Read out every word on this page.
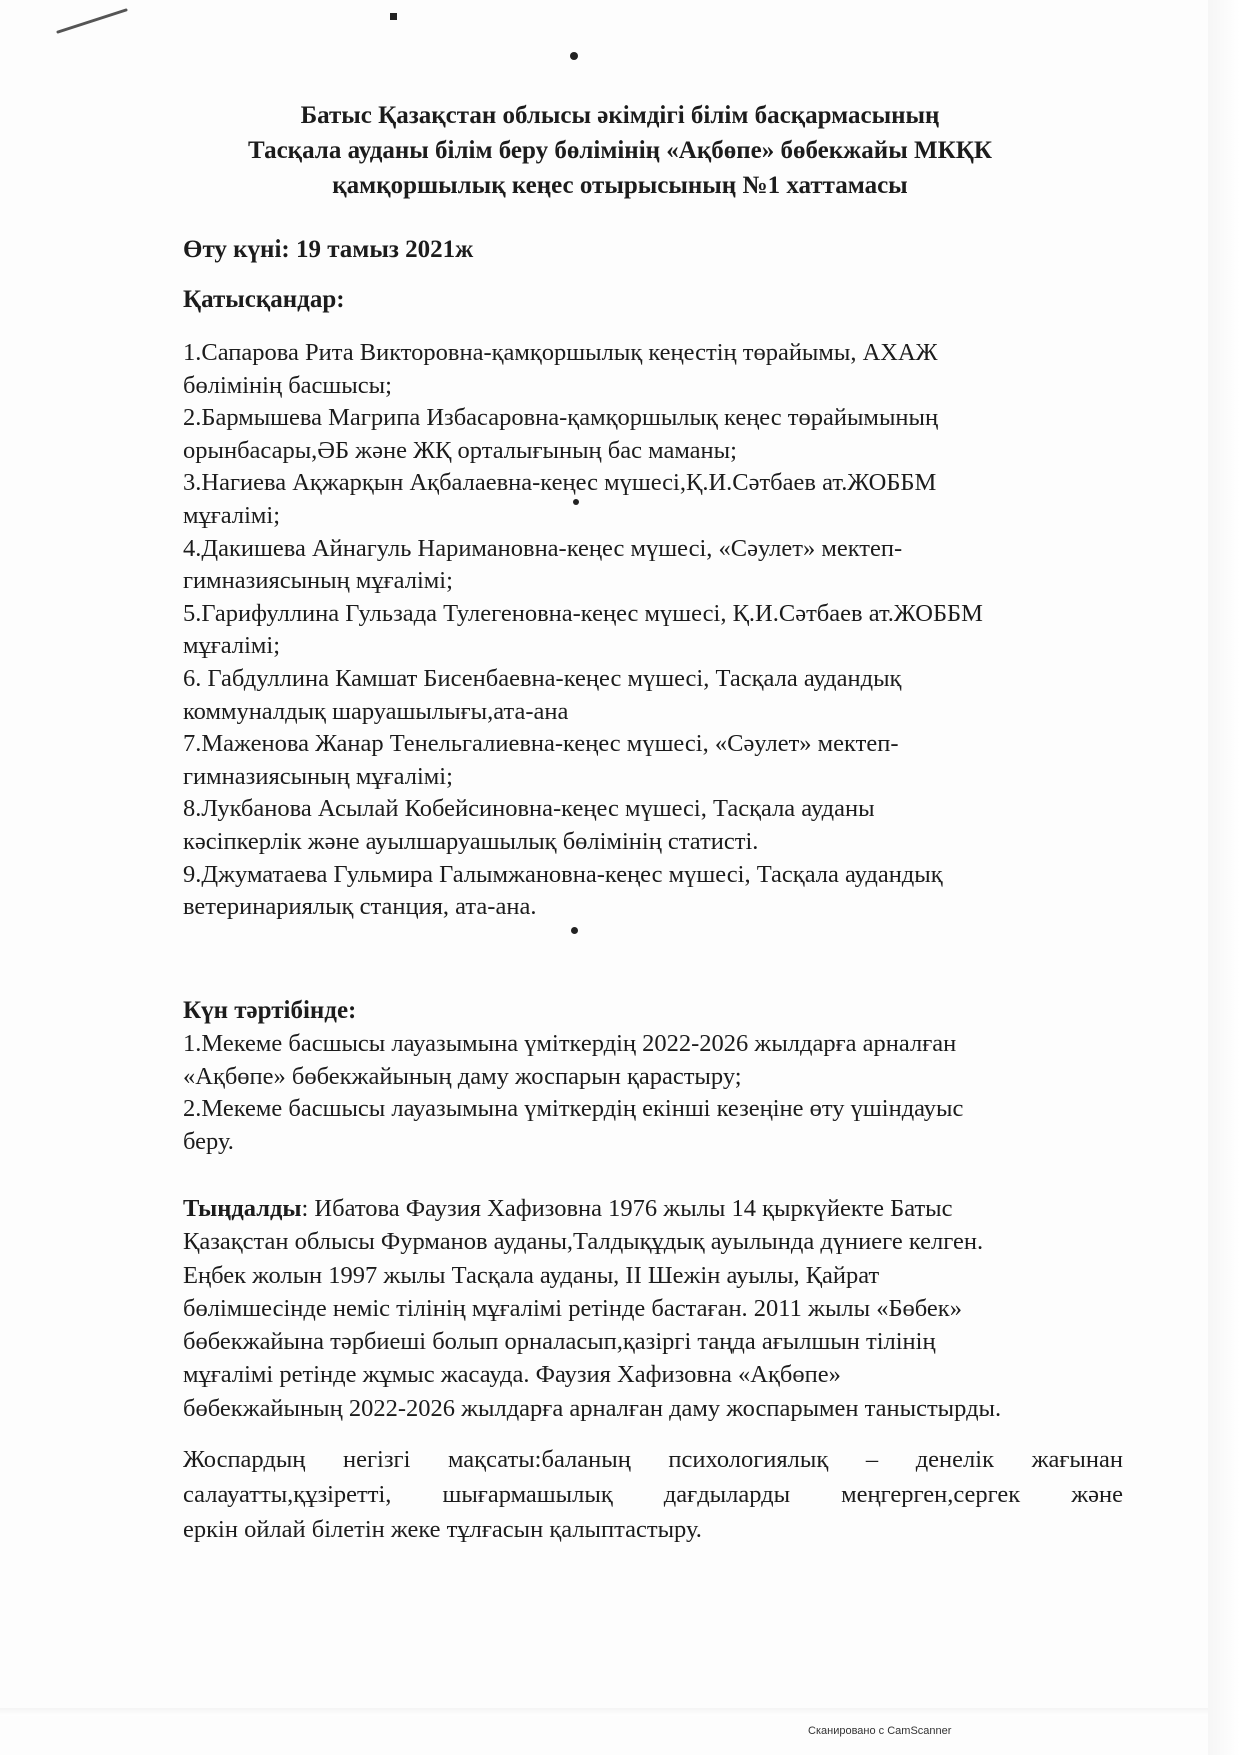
Батыс Қазақстан облысы әкімдігі білім басқармасының
Тасқала ауданы білім беру бөлімінің «Ақбөпе» бөбекжайы МКҚК
қамқоршылық кеңес отырысының №1 хаттамасы
Өту күні: 19 тамыз 2021ж
Қатысқандар:
1.Сапарова Рита Викторовна-қамқоршылық кеңестің төрайымы, АХАЖ
бөлімінің басшысы;
2.Бармышева Магрипа Избасаровна-қамқоршылық кеңес төрайымының
орынбасары,ӘБ және ЖҚ орталығының бас маманы;
3.Нагиева Ақжарқын Ақбалаевна-кеңес мүшесі,Қ.И.Сәтбаев ат.ЖОББМ
мұғалімі;
4.Дакишева Айнагуль Наримановна-кеңес мүшесі, «Сәулет» мектеп-
гимназиясының мұғалімі;
5.Гарифуллина Гульзада Тулегеновна-кеңес мүшесі, Қ.И.Сәтбаев ат.ЖОББМ
мұғалімі;
6. Габдуллина Камшат Бисенбаевна-кеңес мүшесі, Тасқала аудандық
коммуналдық шаруашылығы,ата-ана
7.Маженова Жанар Тенельгалиевна-кеңес мүшесі, «Сәулет» мектеп-
гимназиясының мұғалімі;
8.Лукбанова Асылай Кобейсиновна-кеңес мүшесі, Тасқала ауданы
кәсіпкерлік және ауылшаруашылық бөлімінің статисті.
9.Джуматаева Гульмира Галымжановна-кеңес мүшесі, Тасқала аудандық
ветеринариялық станция, ата-ана.
Күн тәртібінде:
1.Мекеме басшысы лауазымына үміткердің 2022-2026 жылдарға арналған
«Ақбөпе» бөбекжайының даму жоспарын қарастыру;
2.Мекеме басшысы лауазымына үміткердің екінші кезеңіне өту үшіндауыс
беру.
Тыңдалды: Ибатова Фаузия Хафизовна 1976 жылы 14 қыркүйекте Батыс
Қазақстан облысы Фурманов ауданы,Талдықұдық ауылында дүниеге келген.
Еңбек жолын 1997 жылы Тасқала ауданы, ІІ Шежін ауылы, Қайрат
бөлімшесінде неміс тілінің мұғалімі ретінде бастаған. 2011 жылы «Бөбек»
бөбекжайына тәрбиеші болып орналасып,қазіргі таңда ағылшын тілінің
мұғалімі ретінде жұмыс жасауда. Фаузия Хафизовна «Ақбөпе»
бөбекжайының 2022-2026 жылдарға арналған даму жоспарымен таныстырды.
Жоспардың негізгі мақсаты:баланың психологиялық – денелік жағынан
салауатты,құзіретті, шығармашылық дағдыларды меңгерген,сергек және
еркін ойлай білетін жеке тұлғасын қалыптастыру.
Сканировано с CamScanner
